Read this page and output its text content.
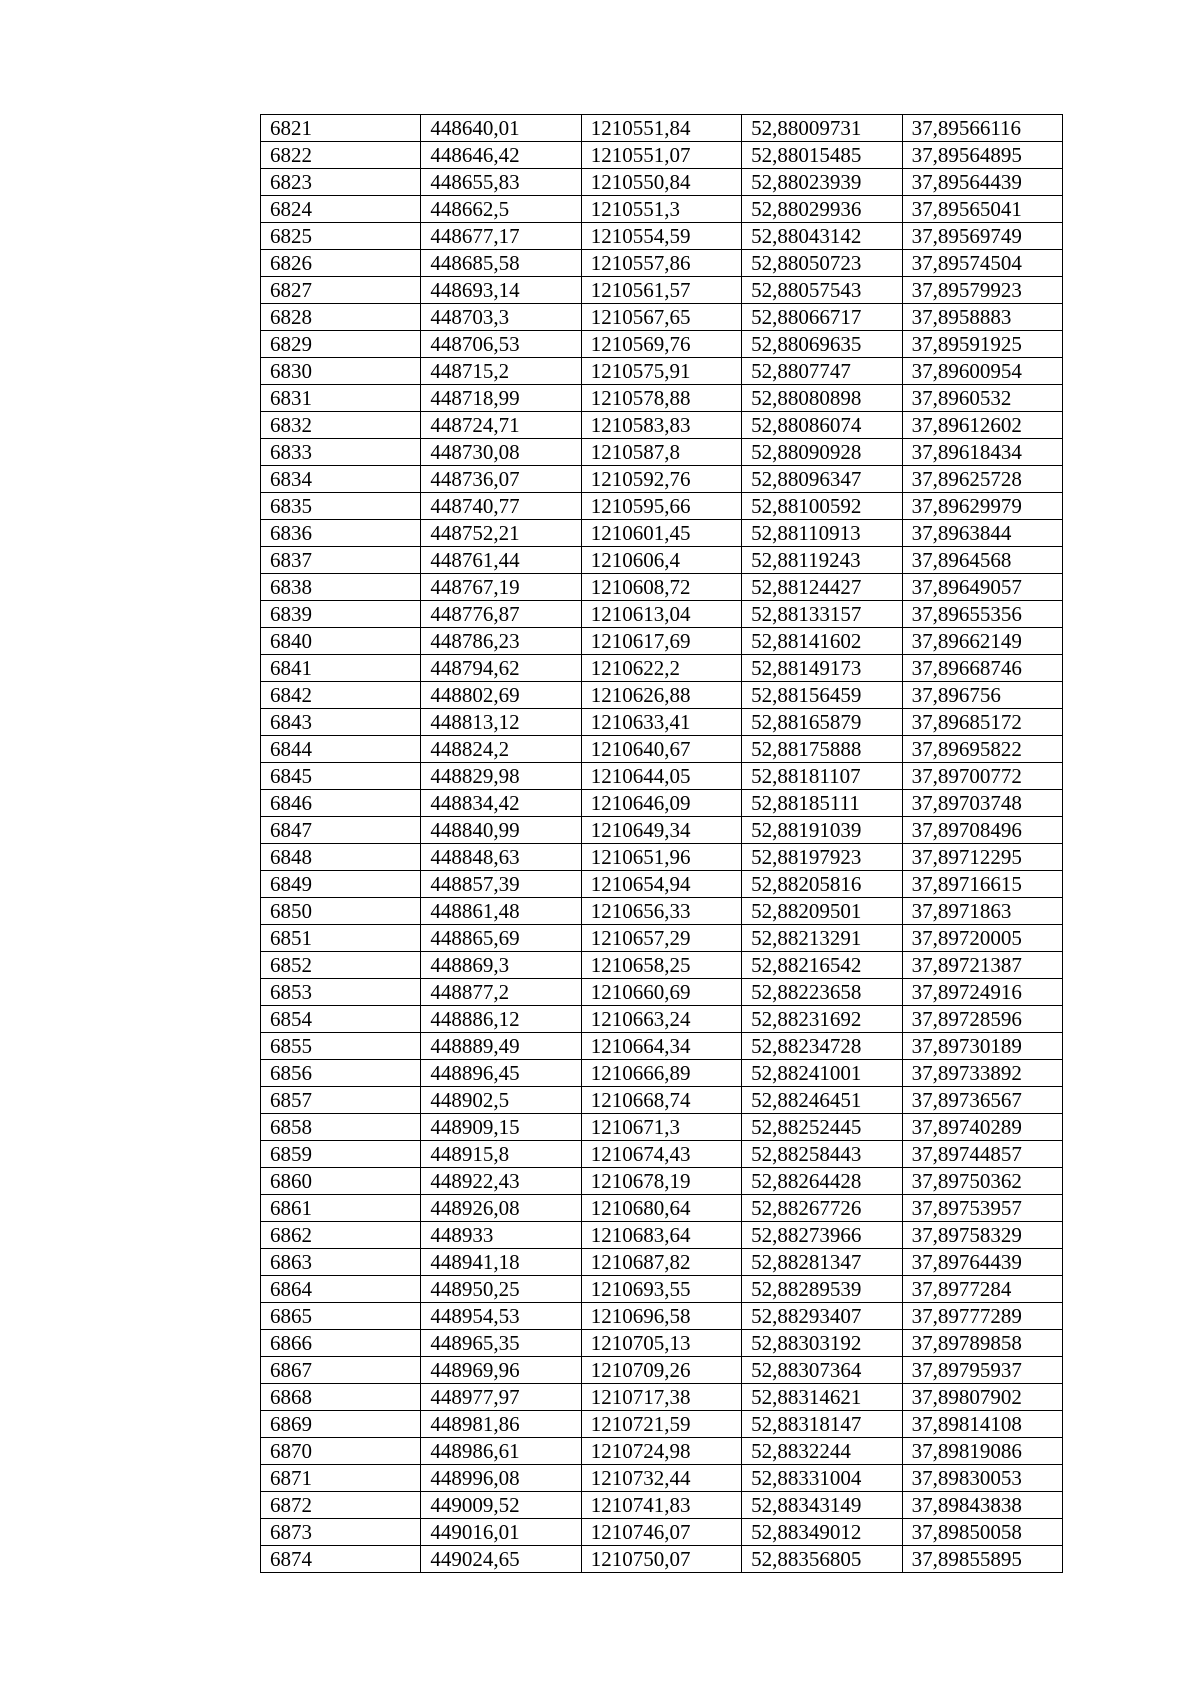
6821	448640,01	1210551,84	52,88009731	37,89566116
6822	448646,42	1210551,07	52,88015485	37,89564895
6823	448655,83	1210550,84	52,88023939	37,89564439
6824	448662,5	1210551,3	52,88029936	37,89565041
6825	448677,17	1210554,59	52,88043142	37,89569749
6826	448685,58	1210557,86	52,88050723	37,89574504
6827	448693,14	1210561,57	52,88057543	37,89579923
6828	448703,3	1210567,65	52,88066717	37,8958883
6829	448706,53	1210569,76	52,88069635	37,89591925
6830	448715,2	1210575,91	52,8807747	37,89600954
6831	448718,99	1210578,88	52,88080898	37,8960532
6832	448724,71	1210583,83	52,88086074	37,89612602
6833	448730,08	1210587,8	52,88090928	37,89618434
6834	448736,07	1210592,76	52,88096347	37,89625728
6835	448740,77	1210595,66	52,88100592	37,89629979
6836	448752,21	1210601,45	52,88110913	37,8963844
6837	448761,44	1210606,4	52,88119243	37,8964568
6838	448767,19	1210608,72	52,88124427	37,89649057
6839	448776,87	1210613,04	52,88133157	37,89655356
6840	448786,23	1210617,69	52,88141602	37,89662149
6841	448794,62	1210622,2	52,88149173	37,89668746
6842	448802,69	1210626,88	52,88156459	37,896756
6843	448813,12	1210633,41	52,88165879	37,89685172
6844	448824,2	1210640,67	52,88175888	37,89695822
6845	448829,98	1210644,05	52,88181107	37,89700772
6846	448834,42	1210646,09	52,88185111	37,89703748
6847	448840,99	1210649,34	52,88191039	37,89708496
6848	448848,63	1210651,96	52,88197923	37,89712295
6849	448857,39	1210654,94	52,88205816	37,89716615
6850	448861,48	1210656,33	52,88209501	37,8971863
6851	448865,69	1210657,29	52,88213291	37,89720005
6852	448869,3	1210658,25	52,88216542	37,89721387
6853	448877,2	1210660,69	52,88223658	37,89724916
6854	448886,12	1210663,24	52,88231692	37,89728596
6855	448889,49	1210664,34	52,88234728	37,89730189
6856	448896,45	1210666,89	52,88241001	37,89733892
6857	448902,5	1210668,74	52,88246451	37,89736567
6858	448909,15	1210671,3	52,88252445	37,89740289
6859	448915,8	1210674,43	52,88258443	37,89744857
6860	448922,43	1210678,19	52,88264428	37,89750362
6861	448926,08	1210680,64	52,88267726	37,89753957
6862	448933	1210683,64	52,88273966	37,89758329
6863	448941,18	1210687,82	52,88281347	37,89764439
6864	448950,25	1210693,55	52,88289539	37,8977284
6865	448954,53	1210696,58	52,88293407	37,89777289
6866	448965,35	1210705,13	52,88303192	37,89789858
6867	448969,96	1210709,26	52,88307364	37,89795937
6868	448977,97	1210717,38	52,88314621	37,89807902
6869	448981,86	1210721,59	52,88318147	37,89814108
6870	448986,61	1210724,98	52,8832244	37,89819086
6871	448996,08	1210732,44	52,88331004	37,89830053
6872	449009,52	1210741,83	52,88343149	37,89843838
6873	449016,01	1210746,07	52,88349012	37,89850058
6874	449024,65	1210750,07	52,88356805	37,89855895
